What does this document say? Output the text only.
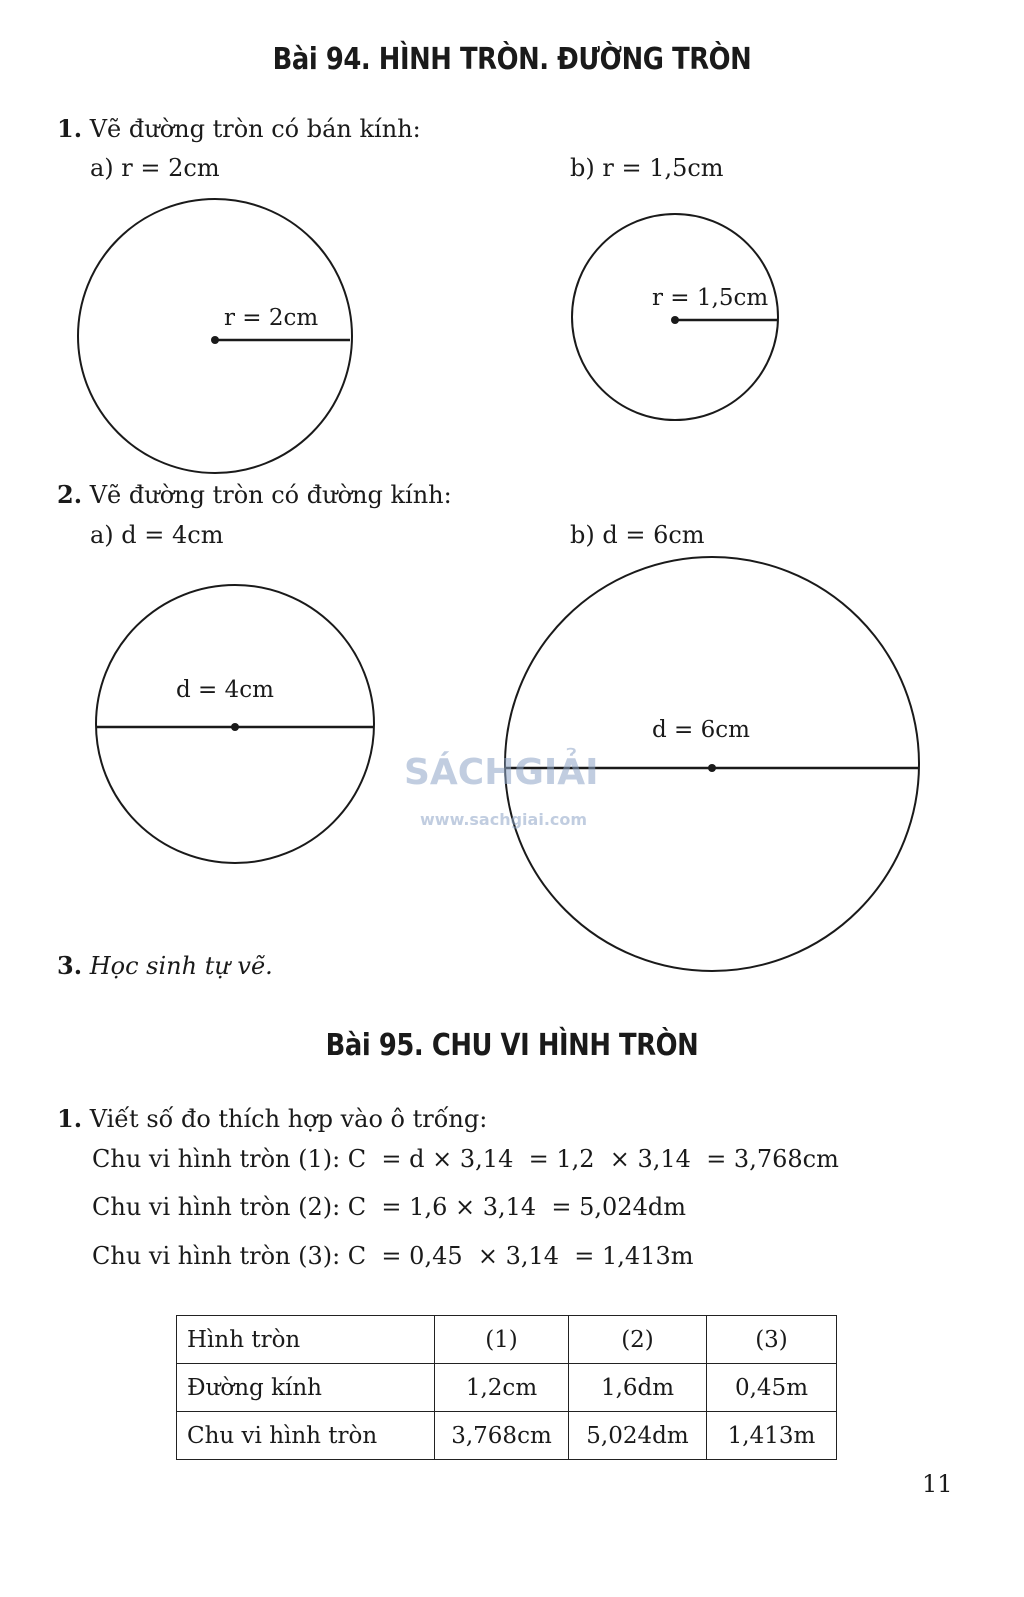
Bài 94. HÌNH TRÒN. ĐƯỜNG TRÒN
1. Vẽ đường tròn có bán kính:
a) r = 2cm	b) r = 1,5cm
r = 2cm
r = 1,5cm
d = 4cm
d = 6cm
2. Vẽ đường tròn có đường kính:
a) d = 4cm	b) d = 6cm
SÁCHGIẢI
www.sachgiai.com
3. Học sinh tự vẽ.
Bài 95. CHU VI HÌNH TRÒN
1. Viết số đo thích hợp vào ô trống:
Chu vi hình tròn (1): C  = d × 3,14  = 1,2  × 3,14  = 3,768cm
Chu vi hình tròn (2): C  = 1,6 × 3,14  = 5,024dm
Chu vi hình tròn (3): C  = 0,45  × 3,14  = 1,413m
Hình tròn	(1)	(2)	(3)
Đường kính	1,2cm	1,6dm	0,45m
Chu vi hình tròn	3,768cm	5,024dm	1,413m
11
